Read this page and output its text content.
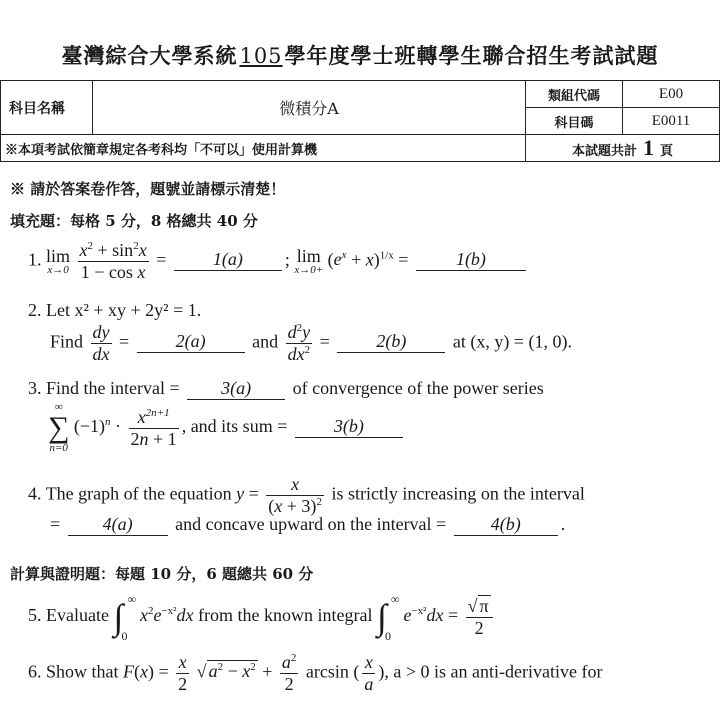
臺灣綜合大學系統105學年度學士班轉學生聯合招生考試試題
科目名稱	微積分A	類組代碼	E00
		科目碼	E0011
※本項考試依簡章規定各考科均「不可以」使用計算機		本試題共計 1 頁	
※ 請於答案卷作答，題號並請標示清楚！
填充題：每格 5 分，8 格總共 40 分
1. lim
x→0
$\frac{x^2 + \sin^2x}{\text{1 − cos x}} = 1(a)$ ; lim
x→0+
$(e^x + x)^{1/x} = 1(b)$
2. Let x² + xy + 2y² = 1.
Find $\frac{dy}{dx} = 2(a)$	and $\frac{d^2y}{dx^2} = 2(b)$	at (x, y) = (1, 0).
3. Find the interval = 3(a) of convergence of the power series
∞
∑
n=0
$(-1)^n \cdot \frac{x^{2n+1}}{2n + 1}$ , and its sum =	3(b)
4. The graph of the equation $y = \frac{x}{(x + 3)^2}$ is strictly increasing on the interval
= 4(a) and concave upward on the interval = 4(b) .
計算與證明題：每題 10 分，6 題總共 60 分
5. Evaluate ∫ ∞
0
$x^2e^{-x^2}dx$ from the known integral ∫ ∞
0
$e^{-x^2}dx = \frac{√ \pi}{2}$
6. Show that $F(x) = \frac{x}{2}$ √ $a^2 - x^2 + \frac{a^2}{2}$ arcsin ( $\frac{x}{a}$ ), a > 0 is an anti-derivative for
